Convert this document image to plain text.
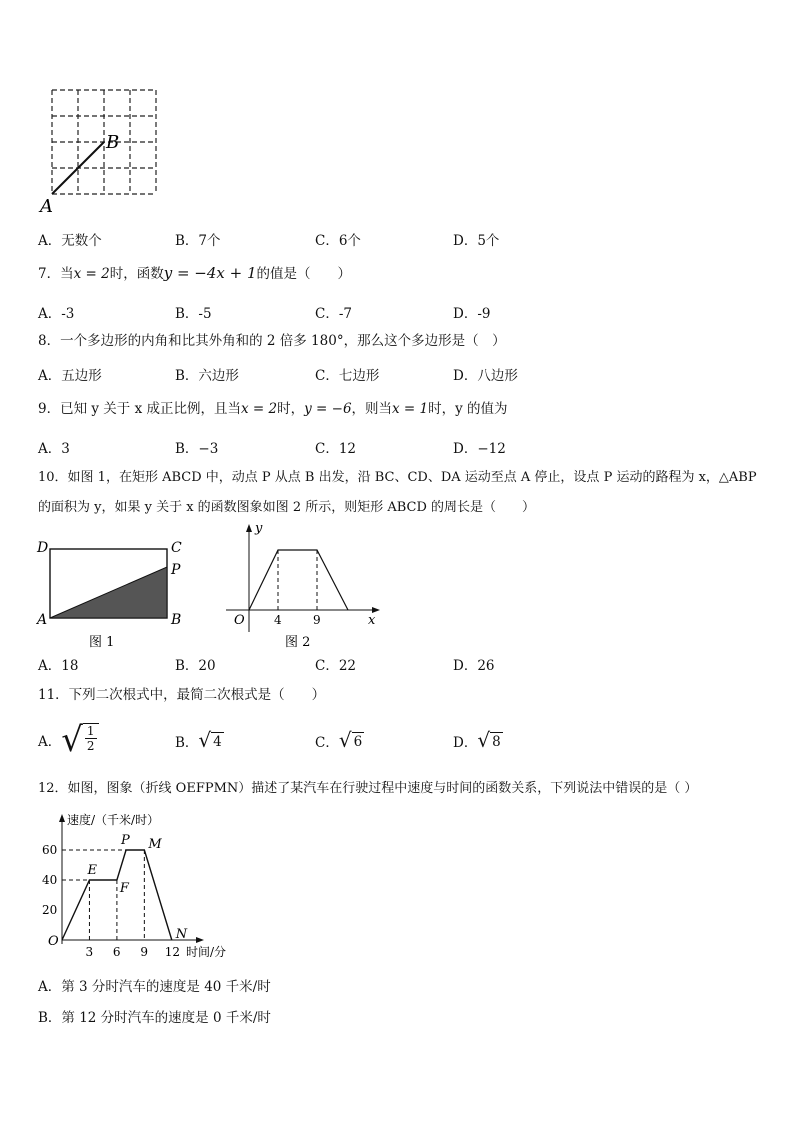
B
A
A．无数个	B．7个	C．6个	D．5个
7．当x = 2时，函数y = −4x + 1的值是（　　）
A．-3	B．-5	C．-7	D．-9
8．一个多边形的内角和比其外角和的 2 倍多 180°，那么这个多边形是（　）
A．五边形	B．六边形	C．七边形	D．八边形
9．已知 y 关于 x 成正比例，且当x = 2时，y = −6，则当x = 1时，y 的值为
A．3	B．−3	C．12	D．−12
10．如图 1，在矩形 ABCD 中，动点 P 从点 B 出发，沿 BC、CD、DA 运动至点 A 停止，设点 P 运动的路程为 x，△ABP
的面积为 y，如果 y 关于 x 的函数图象如图 2 所示，则矩形 ABCD 的周长是（　　）
D	C
P
A	B
图 1
y
x
O 4	9
图 2
A．18	B．20	C．22	D．26
11．下列二次根式中，最简二次根式是（　　）
A． √ $\frac{1}{2}$	B． √ 4	C． √ 6	D． √ 8
12．如图，图象（折线 OEFPMN）描述了某汽车在行驶过程中速度与时间的函数关系，下列说法中错误的是（ ）
速度/（千米/时）
时间/分
O
20
40
60
3 6 9 12
E
F
P M
N
A．第 3 分时汽车的速度是 40 千米/时
B．第 12 分时汽车的速度是 0 千米/时
